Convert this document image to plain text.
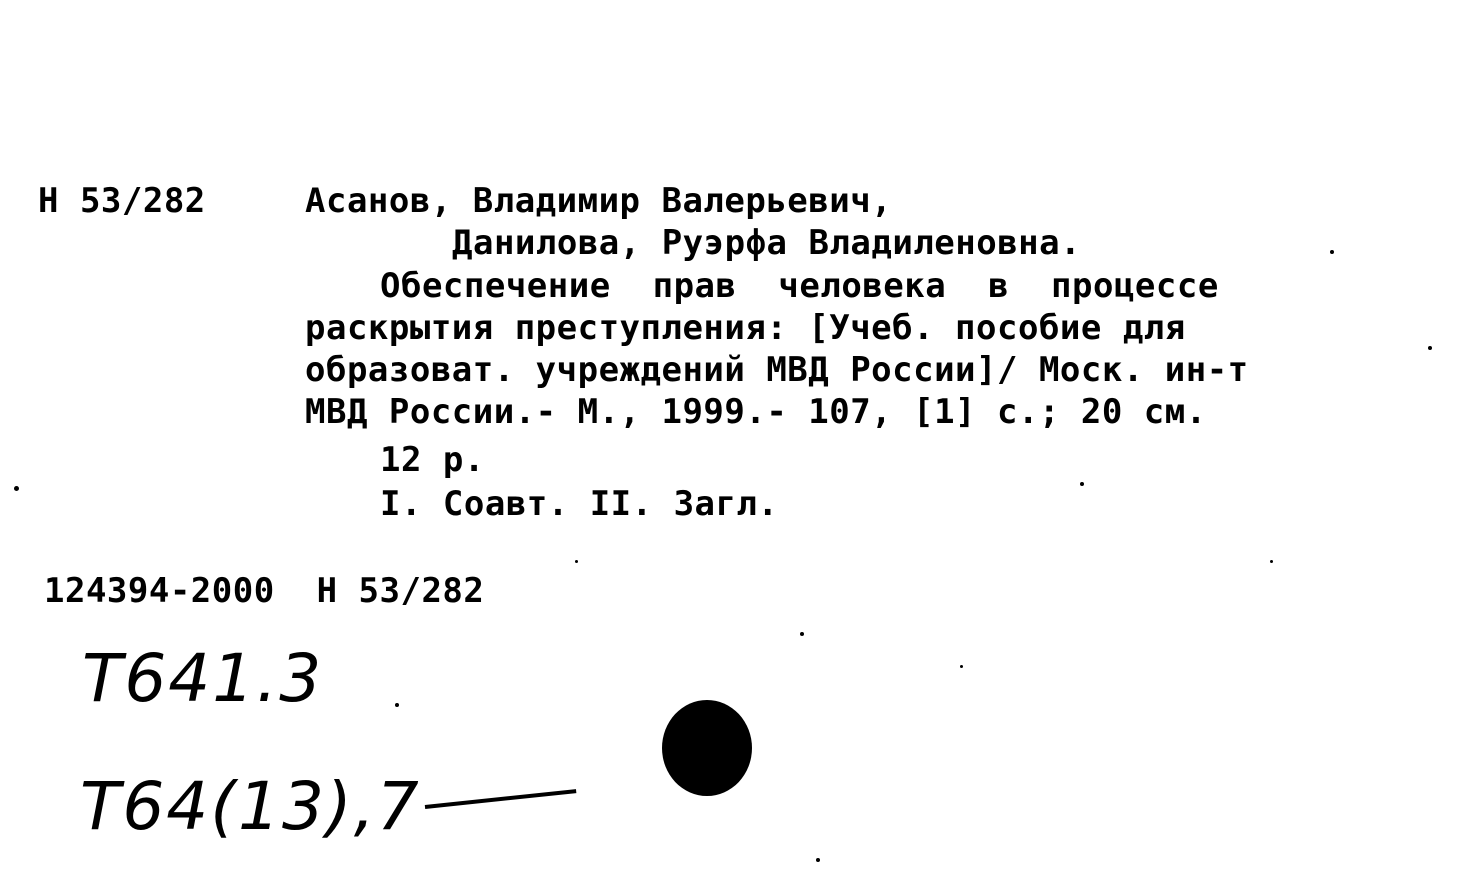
Н 53/282	Асанов, Владимир Валерьевич,
Данилова, Руэрфа Владиленовна.
Обеспечение  прав  человека  в  процессе
раскрытия преступления: [Учеб. пособие для
образоват. учреждений МВД России]/ Моск. ин-т
МВД России.- М., 1999.- 107, [1] с.; 20 см.
12 р.
I. Соавт. II. Загл.
124394-2000  Н 53/282
Т641.3
Т64(13),7
